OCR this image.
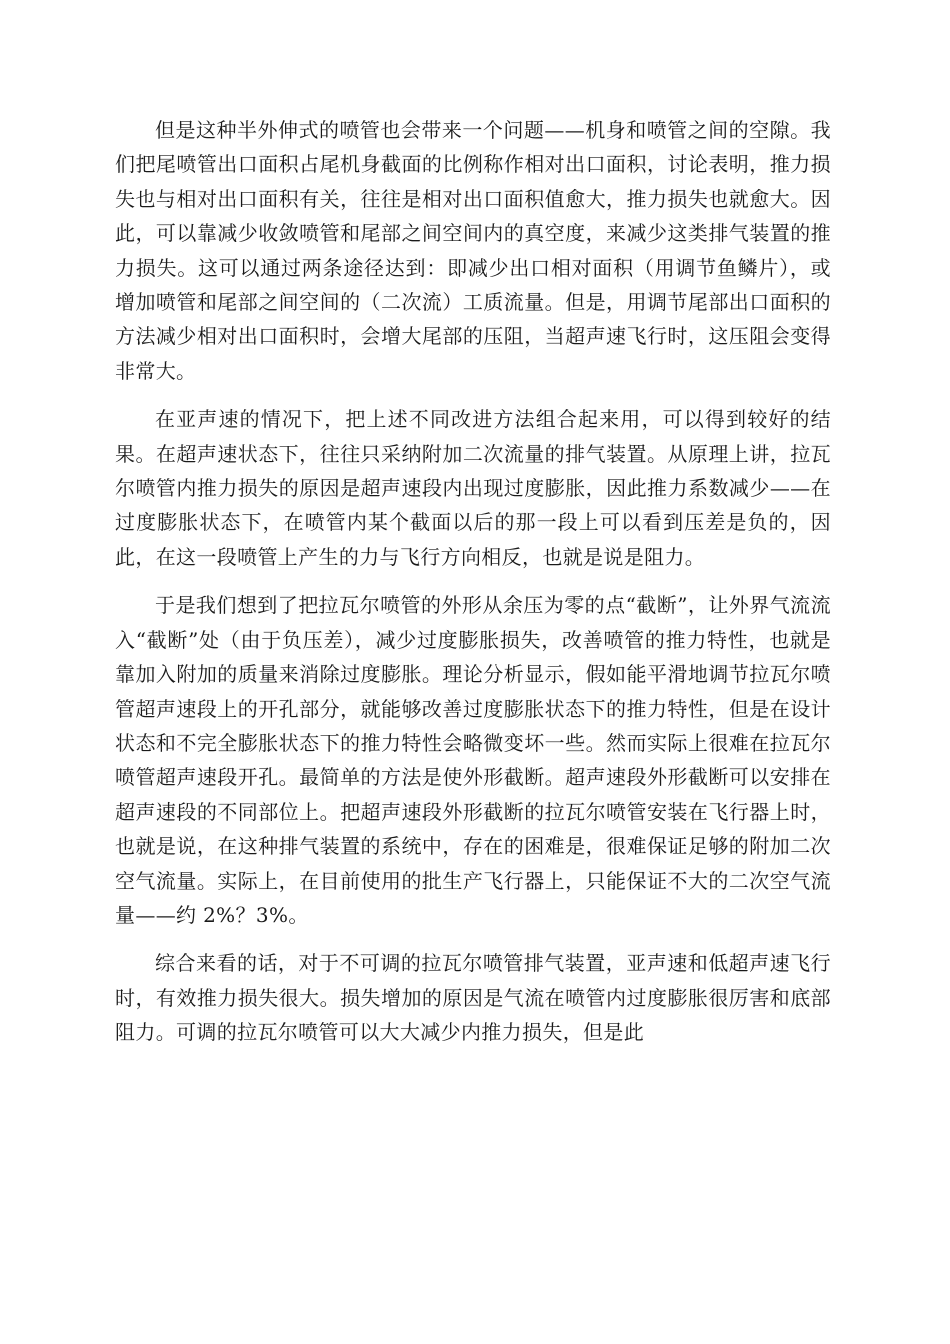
但是这种半外伸式的喷管也会带来一个问题——机身和喷管之间的空隙。我们把尾喷管出口面积占尾机身截面的比例称作相对出口面积，讨论表明，推力损失也与相对出口面积有关，往往是相对出口面积值愈大，推力损失也就愈大。因此，可以靠减少收敛喷管和尾部之间空间内的真空度，来减少这类排气装置的推力损失。这可以通过两条途径达到：即减少出口相对面积（用调节鱼鳞片），或增加喷管和尾部之间空间的（二次流）工质流量。但是，用调节尾部出口面积的方法减少相对出口面积时，会增大尾部的压阻，当超声速飞行时，这压阻会变得非常大。

在亚声速的情况下，把上述不同改进方法组合起来用，可以得到较好的结果。在超声速状态下，往往只采纳附加二次流量的排气装置。从原理上讲，拉瓦尔喷管内推力损失的原因是超声速段内出现过度膨胀，因此推力系数减少——在过度膨胀状态下，在喷管内某个截面以后的那一段上可以看到压差是负的，因此，在这一段喷管上产生的力与飞行方向相反，也就是说是阻力。

于是我们想到了把拉瓦尔喷管的外形从余压为零的点“截断”，让外界气流流入“截断”处（由于负压差），减少过度膨胀损失，改善喷管的推力特性，也就是靠加入附加的质量来消除过度膨胀。理论分析显示，假如能平滑地调节拉瓦尔喷管超声速段上的开孔部分，就能够改善过度膨胀状态下的推力特性，但是在设计状态和不完全膨胀状态下的推力特性会略微变坏一些。然而实际上很难在拉瓦尔喷管超声速段开孔。最简单的方法是使外形截断。超声速段外形截断可以安排在超声速段的不同部位上。把超声速段外形截断的拉瓦尔喷管安装在飞行器上时，也就是说，在这种排气装置的系统中，存在的困难是，很难保证足够的附加二次空气流量。实际上，在目前使用的批生产飞行器上，只能保证不大的二次空气流量——约 2%？3%。

综合来看的话，对于不可调的拉瓦尔喷管排气装置，亚声速和低超声速飞行时，有效推力损失很大。损失增加的原因是气流在喷管内过度膨胀很厉害和底部阻力。可调的拉瓦尔喷管可以大大减少内推力损失，但是此
